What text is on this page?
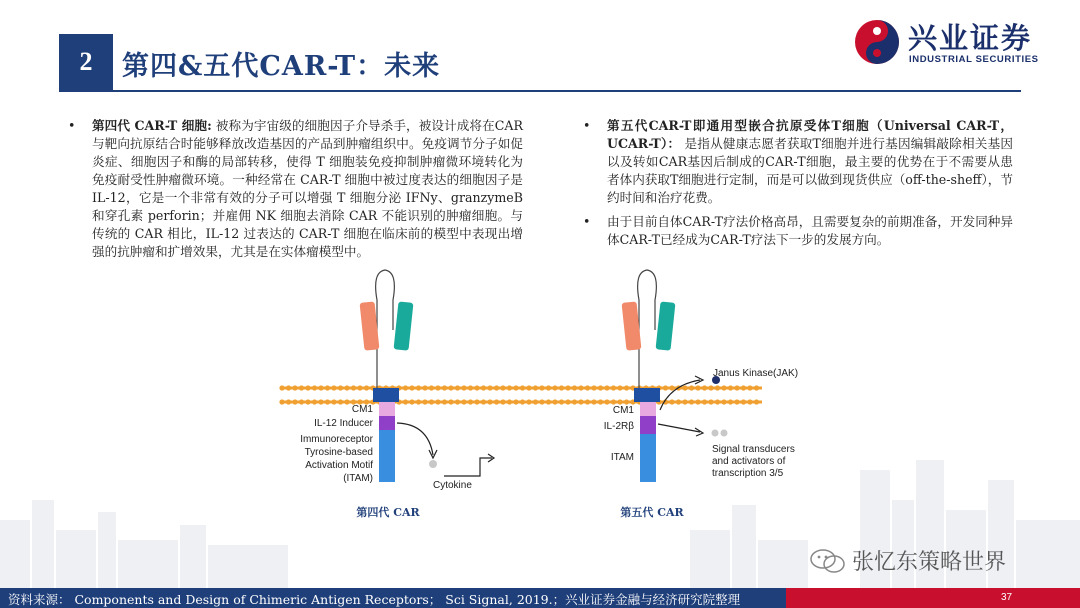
2	第四&五代CAR-T：未来
兴业证券
INDUSTRIAL SECURITIES
• 第四代 CAR-T 细胞: 被称为宇宙级的细胞因子介导杀手，被设计成将在CAR 与靶向抗原结合时能够释放改造基因的产品到肿瘤组织中。免疫调节分子如促炎症、细胞因子和酶的局部转移，使得 T 细胞装免疫抑制肿瘤微环境转化为免疫耐受性肿瘤微环境。一种经常在 CAR-T 细胞中被过度表达的细胞因子是 IL-12，它是一个非常有效的分子可以增强 T 细胞分泌 IFNy、granzymeB 和穿孔素 perforin；并雇佣 NK 细胞去消除 CAR 不能识别的肿瘤细胞。与传统的 CAR 相比，IL-12 过表达的 CAR-T 细胞在临床前的模型中表现出增强的抗肿瘤和扩增效果，尤其是在实体瘤模型中。
• 第五代CAR-T即通用型嵌合抗原受体T细胞（Universal CAR-T，UCAR-T）： 是指从健康志愿者获取T细胞并进行基因编辑敲除相关基因以及转如CAR基因后制成的CAR-T细胞，最主要的优势在于不需要从患者体内获取T细胞进行定制，而是可以做到现货供应（off-the-sheff），节约时间和治疗花费。
• 由于目前自体CAR-T疗法价格高昂，且需要复杂的前期准备，开发同种异体CAR-T已经成为CAR-T疗法下一步的发展方向。
CM1
IL-12 Inducer
Immunoreceptor
Tyrosine-based
Activation Motif
(ITAM)
Cytokine
第四代 CAR
Janus Kinase(JAK)
CM1
IL-2Rβ
ITAM
Signal transducers
and activators of
transcription 3/5
第五代 CAR
张忆东策略世界
资料来源： Components and Design of Chimeric Antigen Receptors； Sci Signal, 2019.；兴业证券金融与经济研究院整理	37
